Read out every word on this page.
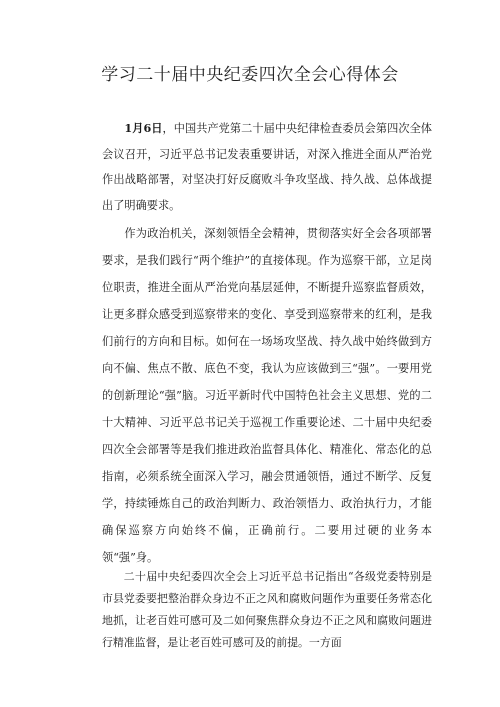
学习二十届中央纪委四次全会心得体会

1月6日，中国共产党第二十届中央纪律检查委员会第四次全体会议召开，习近平总书记发表重要讲话，对深入推进全面从严治党作出战略部署，对坚决打好反腐败斗争攻坚战、持久战、总体战提出了明确要求。

作为政治机关，深刻领悟全会精神，贯彻落实好全会各项部署要求，是我们践行“两个维护”的直接体现。作为巡察干部，立足岗位职责，推进全面从严治党向基层延伸，不断提升巡察监督质效，让更多群众感受到巡察带来的变化、享受到巡察带来的红利，是我们前行的方向和目标。如何在一场场攻坚战、持久战中始终做到方向不偏、焦点不散、底色不变，我认为应该做到三“强”。一要用党的创新理论“强”脑。习近平新时代中国特色社会主义思想、党的二十大精神、习近平总书记关于巡视工作重要论述、二十届中央纪委四次全会部署等是我们推进政治监督具体化、精准化、常态化的总指南，必须系统全面深入学习，融会贯通领悟，通过不断学、反复学，持续锤炼自己的政治判断力、政治领悟力、政治执行力，才能确保巡察方向始终不偏，正确前行。二要用过硬的业务本领“强”身。

二十届中央纪委四次全会上习近平总书记指出“各级党委特别是市县党委要把整治群众身边不正之风和腐败问题作为重要任务常态化地抓，让老百姓可感可及二如何聚焦群众身边不正之风和腐败问题进行精准监督，是让老百姓可感可及的前提。一方面
